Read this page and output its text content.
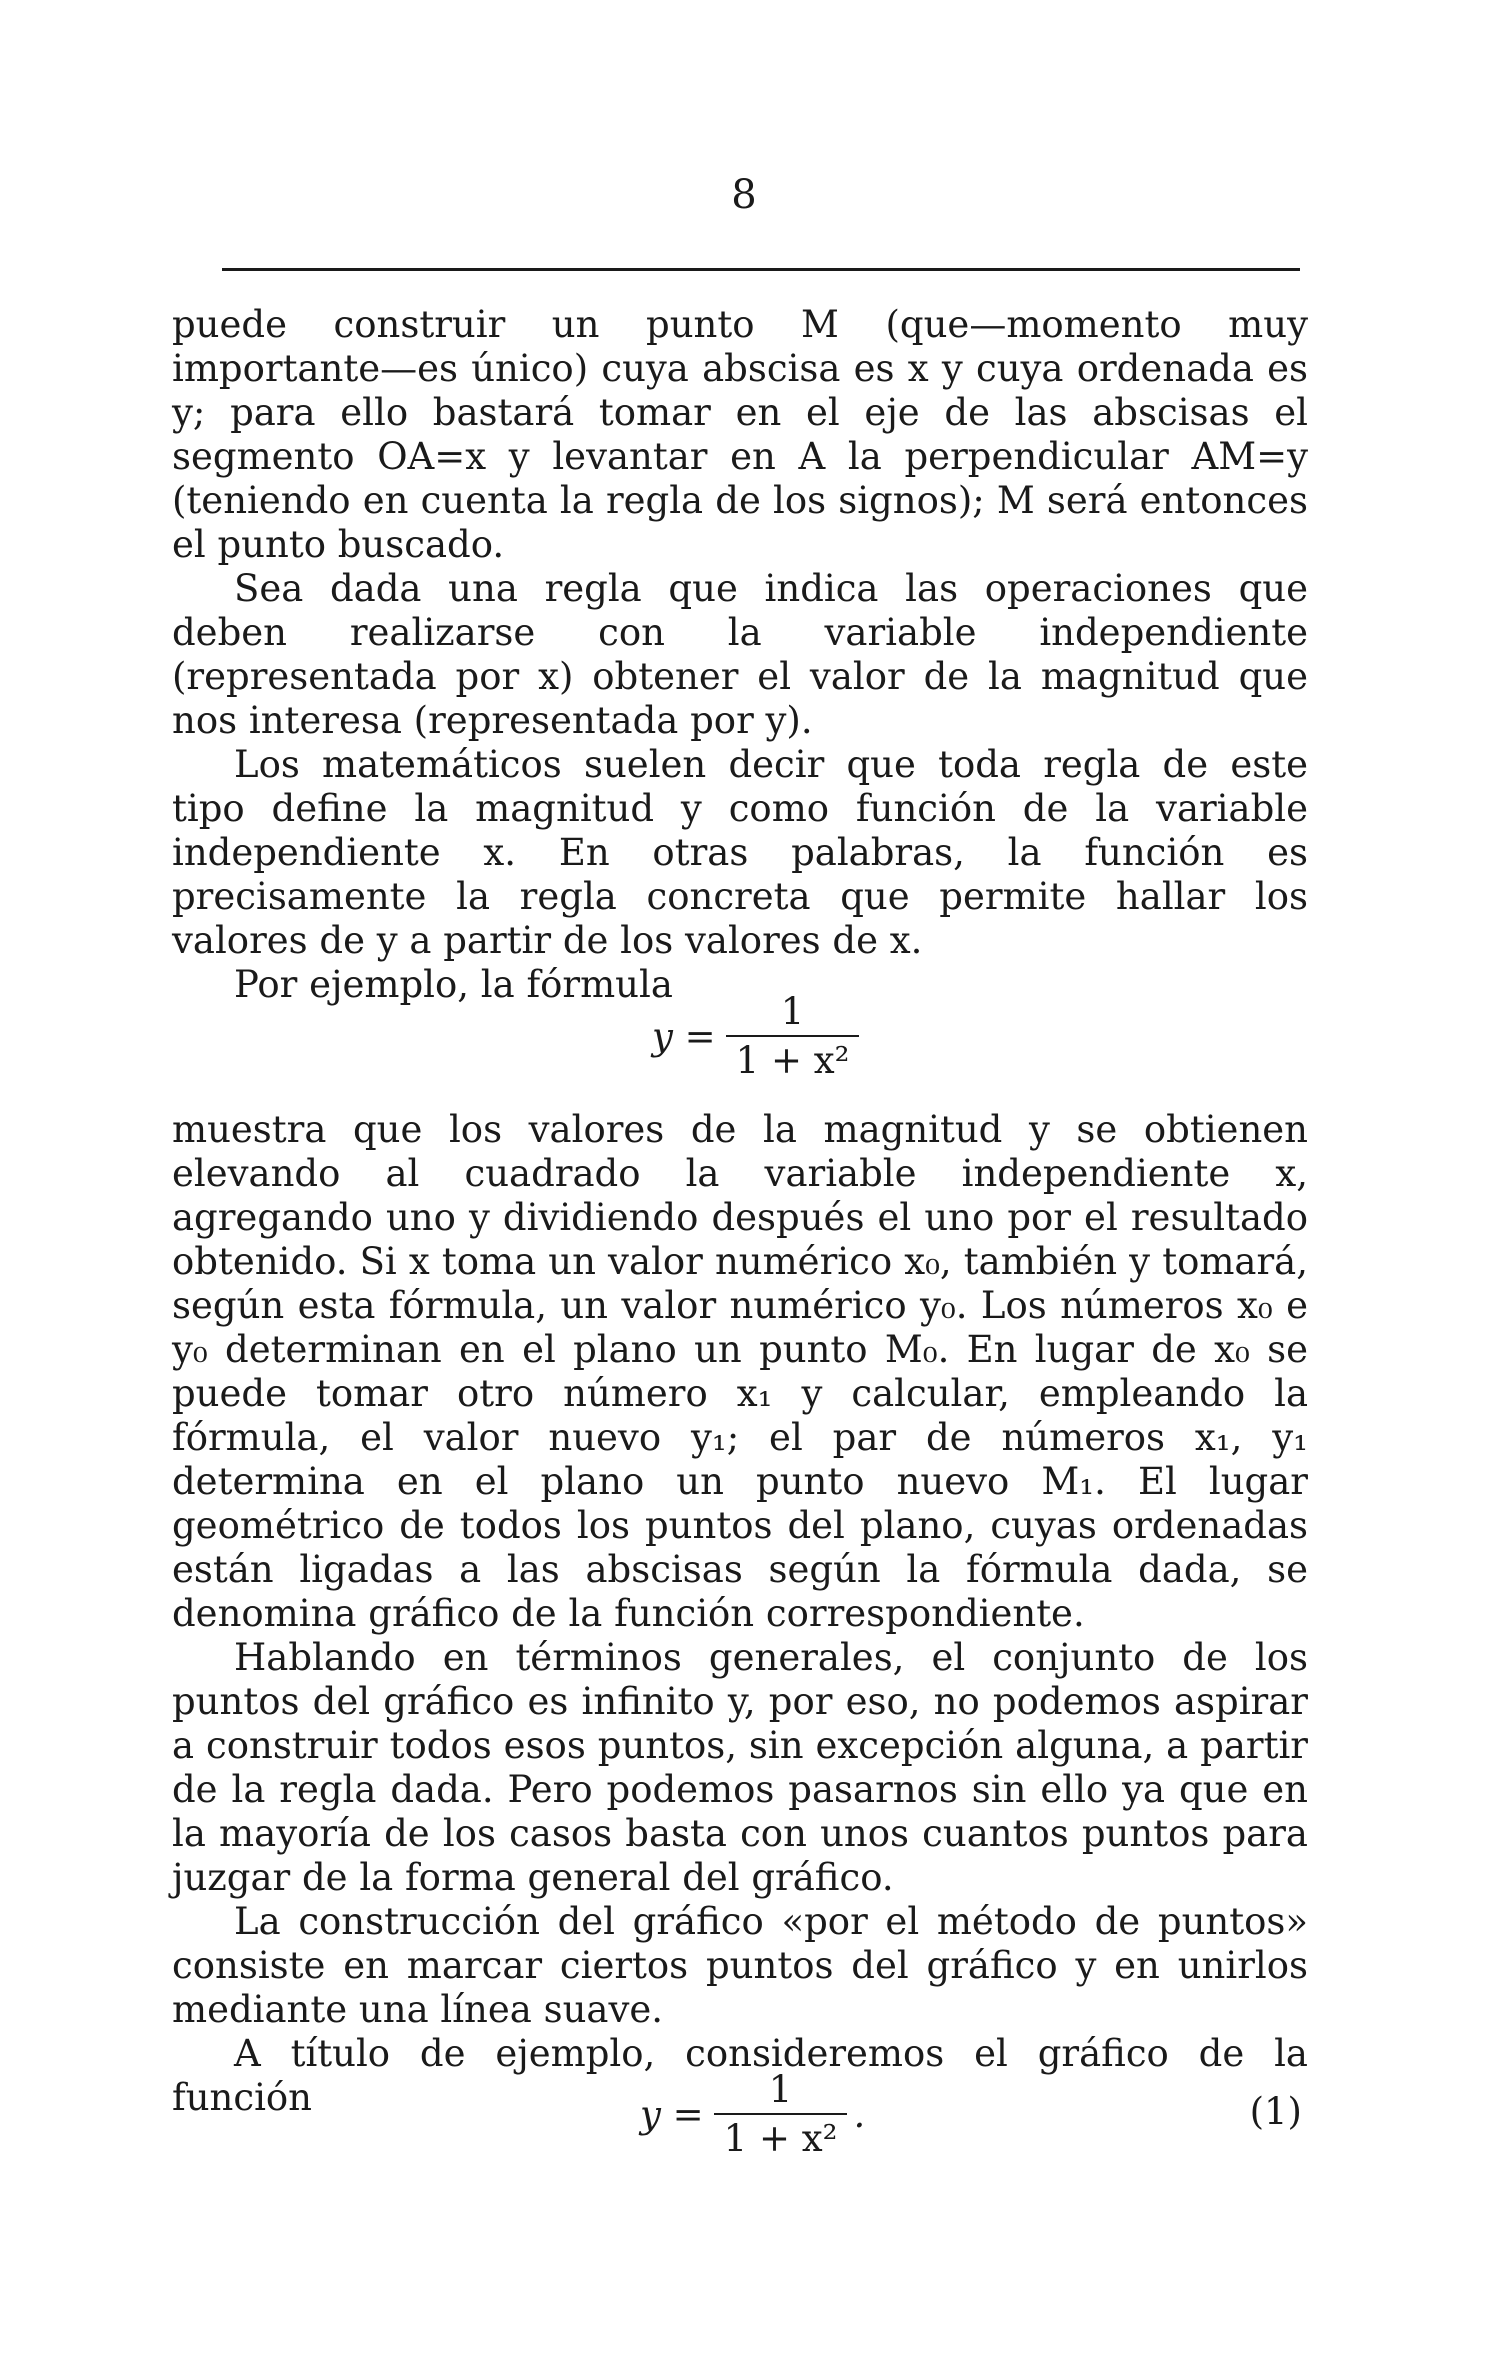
8

puede construir un punto M (que—momento muy importante—es único) cuya abscisa es x y cuya ordenada es y; para ello bastará tomar en el eje de las abscisas el segmento OA=x y levantar en A la perpendicular AM=y (teniendo en cuenta la regla de los signos); M será entonces el punto buscado.

Sea dada una regla que indica las operaciones que deben realizarse con la variable independiente (representada por x) obtener el valor de la magnitud que nos interesa (representada por y).

Los matemáticos suelen decir que toda regla de este tipo define la magnitud y como función de la variable independiente x. En otras palabras, la función es precisamente la regla concreta que permite hallar los valores de y a partir de los valores de x.

Por ejemplo, la fórmula

$y = \frac{1}{\text{1 + x²}}$

muestra que los valores de la magnitud y se obtienen elevando al cuadrado la variable independiente x, agregando uno y dividiendo después el uno por el resultado obtenido. Si x toma un valor numérico x₀, también y tomará, según esta fórmula, un valor numérico y₀. Los números x₀ e y₀ determinan en el plano un punto M₀. En lugar de x₀ se puede tomar otro número x₁ y calcular, empleando la fórmula, el valor nuevo y₁; el par de números x₁, y₁ determina en el plano un punto nuevo M₁. El lugar geométrico de todos los puntos del plano, cuyas ordenadas están ligadas a las abscisas según la fórmula dada, se denomina gráfico de la función correspondiente.

Hablando en términos generales, el conjunto de los puntos del gráfico es infinito y, por eso, no podemos aspirar a construir todos esos puntos, sin excepción alguna, a partir de la regla dada. Pero podemos pasarnos sin ello ya que en la mayoría de los casos basta con unos cuantos puntos para juzgar de la forma general del gráfico.

La construcción del gráfico «por el método de puntos» consiste en marcar ciertos puntos del gráfico y en unirlos mediante una línea suave.

A título de ejemplo, consideremos el gráfico de la función	$y = \frac{1}{\text{1 + x²}}$ .	(1)
